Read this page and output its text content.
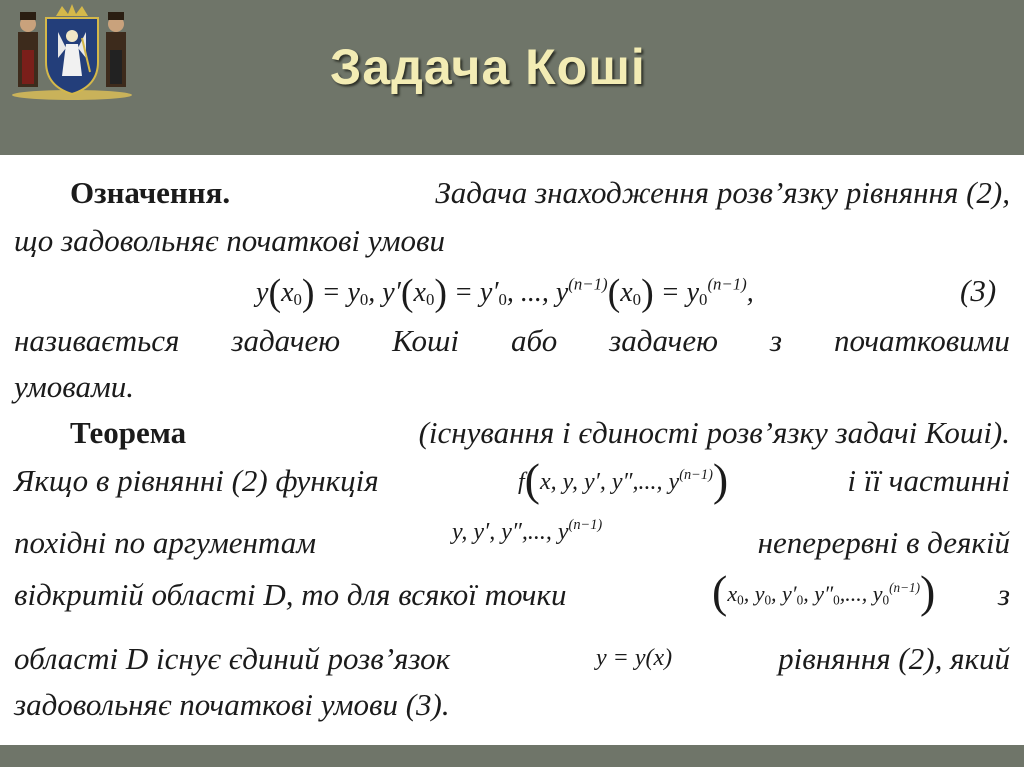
Задача Коші
Означення.	Задача знаходження розв’язку рівняння (2),
що задовольняє початкові умови
$y(x_0) = y_0$, $y'(x_0) = y'_0$, ..., $y^{(n-1)}(x_0) = y_0^{(n-1)}$,	(3)
називається задачею Коші або задачею з початковими
умовами.
Теорема	(існування і єдиності розв’язку задачі Коші).
Якщо в рівнянні (2) функція	f(x, y, y′, y″,..., $y^{(n-1)}$)	і її частинні
похідні по аргументам	y, y′, y″,..., $y^{(n-1)}$
неперервні в деякій
відкритій області D, то для всякої точки	($x_0$, $y_0$, $y'_0$, $y''_0$,..., $y_0^{(n-1)}$)	з
області D існує єдиний розв’язок	y = y(x)	рівняння (2), який
задовольняє початкові умови (3).
